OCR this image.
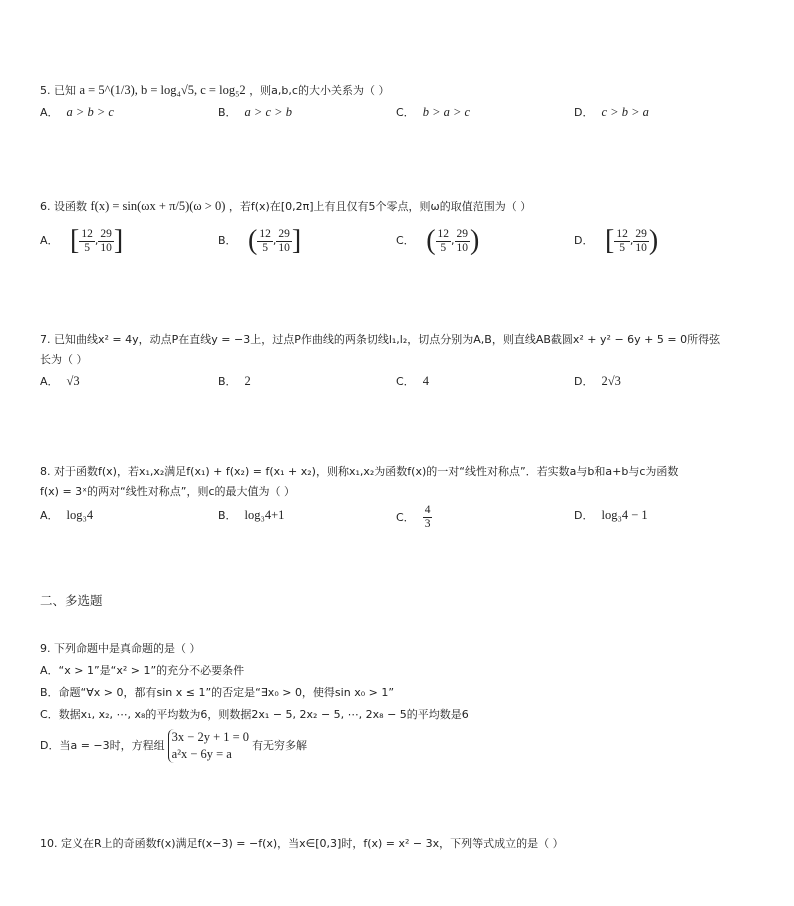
5. 已知 a = 5^(1/3), b = log₄√5, c = log₅2 ，则a,b,c的大小关系为（ ）
A． a > b > c	B． a > c > b	C． b > a > c	D． c > b > a
6. 设函数 f(x) = sin(ωx + π/5)(ω > 0) ，若f(x)在[0,2π]上有且仅有5个零点，则ω的取值范围为（ ）
A． [ $\frac{12}{5}$ , $\frac{29}{10}$ ]	B． ( $\frac{12}{5}$ , $\frac{29}{10}$ ]	C． ( $\frac{12}{5}$ , $\frac{29}{10}$ )	D． [ $\frac{12}{5}$ , $\frac{29}{10}$ )
7. 已知曲线x² = 4y，动点P在直线y = −3上，过点P作曲线的两条切线l₁,l₂，切点分别为A,B，则直线AB截圆x² + y² − 6y + 5 = 0所得弦
长为（ ）
A． √3	B． 2	C． 4	D． 2√3
8. 对于函数f(x)，若x₁,x₂满足f(x₁) + f(x₂) = f(x₁ + x₂)，则称x₁,x₂为函数f(x)的一对“线性对称点”．若实数a与b和a+b与c为函数
f(x) = 3ˣ的两对“线性对称点”，则c的最大值为（ ）
A． log₃4	B． log₃4+1	C． $\frac{4}{3}$	D． log₃4 − 1
二、多选题
9. 下列命题中是真命题的是（ ）
A．“x > 1”是“x² > 1”的充分不必要条件
B．命题“∀x > 0，都有sin x ≤ 1”的否定是“∃x₀ > 0，使得sin x₀ > 1”
C．数据x₁, x₂, ⋯, x₈的平均数为6，则数据2x₁ − 5, 2x₂ − 5, ⋯, 2x₈ − 5的平均数是6
D．当a = −3时，方程组
3x − 2y + 1 = 0
a²x − 6y = a
有无穷多解
10. 定义在R上的奇函数f(x)满足f(x−3) = −f(x)，当x∈[0,3]时，f(x) = x² − 3x，下列等式成立的是（ ）
